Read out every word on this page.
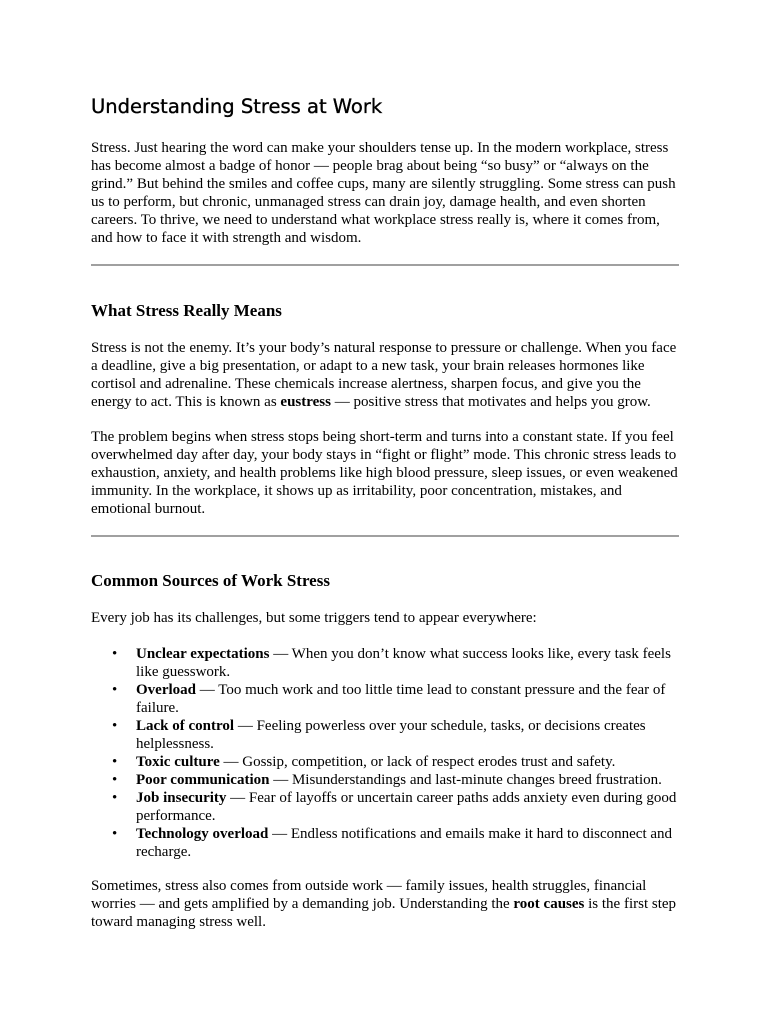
Understanding Stress at Work

Stress. Just hearing the word can make your shoulders tense up. In the modern workplace, stress has become almost a badge of honor — people brag about being “so busy” or “always on the grind.” But behind the smiles and coffee cups, many are silently struggling. Some stress can push us to perform, but chronic, unmanaged stress can drain joy, damage health, and even shorten careers. To thrive, we need to understand what workplace stress really is, where it comes from, and how to face it with strength and wisdom.

What Stress Really Means

Stress is not the enemy. It’s your body’s natural response to pressure or challenge. When you face a deadline, give a big presentation, or adapt to a new task, your brain releases hormones like cortisol and adrenaline. These chemicals increase alertness, sharpen focus, and give you the energy to act. This is known as eustress — positive stress that motivates and helps you grow.

The problem begins when stress stops being short-term and turns into a constant state. If you feel overwhelmed day after day, your body stays in “fight or flight” mode. This chronic stress leads to exhaustion, anxiety, and health problems like high blood pressure, sleep issues, or even weakened immunity. In the workplace, it shows up as irritability, poor concentration, mistakes, and emotional burnout.

Common Sources of Work Stress

Every job has its challenges, but some triggers tend to appear everywhere:

• Unclear expectations — When you don’t know what success looks like, every task feels like guesswork.
• Overload — Too much work and too little time lead to constant pressure and the fear of failure.
• Lack of control — Feeling powerless over your schedule, tasks, or decisions creates helplessness.
• Toxic culture — Gossip, competition, or lack of respect erodes trust and safety.
• Poor communication — Misunderstandings and last-minute changes breed frustration.
• Job insecurity — Fear of layoffs or uncertain career paths adds anxiety even during good performance.
• Technology overload — Endless notifications and emails make it hard to disconnect and recharge.

Sometimes, stress also comes from outside work — family issues, health struggles, financial worries — and gets amplified by a demanding job. Understanding the root causes is the first step toward managing stress well.
